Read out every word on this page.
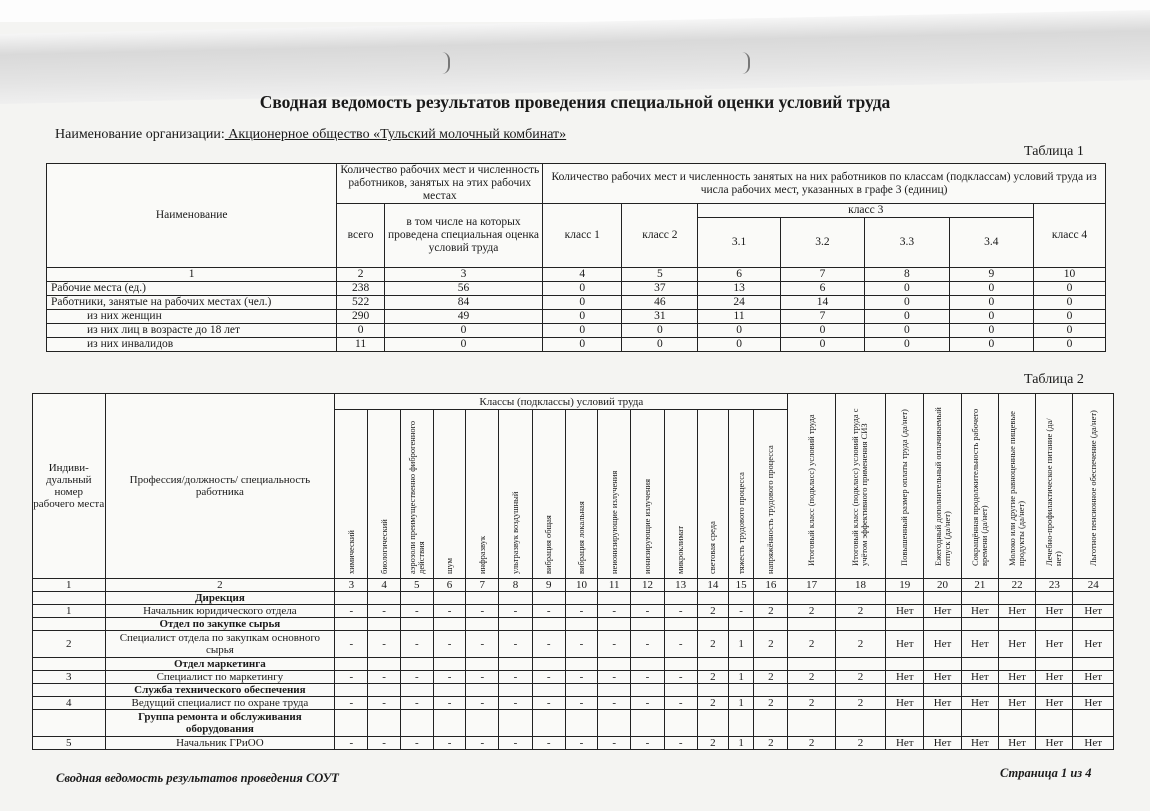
Сводная ведомость результатов проведения специальной оценки условий труда
Наименование организации: Акционерное общество «Тульский молочный комбинат»
Таблица 1
Наименование	Количество рабочих мест и численность работников, занятых на этих рабочих местах		Количество рабочих мест и численность занятых на них работников по классам (подклассам) условий труда из числа рабочих мест, указанных в графе 3 (единиц)						
	всего	в том числе на которых проведена специальная оценка условий труда	класс 1	класс 2	класс 3				класс 4
					3.1	3.2	3.3	3.4	
1	2	3	4	5	6	7	8	9	10
Рабочие места (ед.)	238	56	0	37	13	6	0	0	0
Работники, занятые на рабочих местах (чел.)	522	84	0	46	24	14	0	0	0
из них женщин	290	49	0	31	11	7	0	0	0
из них лиц в возрасте до 18 лет	0	0	0	0	0	0	0	0	0
из них инвалидов	11	0	0	0	0	0	0	0	0
Таблица 2
Индиви-дуальный номер рабочего места	Профессия/должность/ специальность работника	Классы (подклассы) условий труда														Итоговый класс (подкласс) условий труда	Итоговый класс (подкласс) условий труда с учётом эффективного применения СИЗ	Повышенный размер оплаты труда (да/нет)	Ежегодный дополнительный оплачиваемый отпуск (да/нет)	Сокращённая продолжительность рабочего времени (да/нет)	Молоко или другие равноценные пищевые продукты (да/нет)	Лечебно-профилактическое питание (да/нет)	Льготное пенсионное обеспечение (да/нет)

		химический	биологический	аэрозоли преимущественно фиброгенного действия	шум	инфразвук	ультразвук воздушный	вибрация общая	вибрация локальная	неионизирующие излучения	ионизирующие излучения	микроклимат	световая среда	тяжесть трудового процесса	напряжённость трудового процесса								

1	2	3	4	5	6	7	8	9	10	11	12	13	14	15	16	17	18	19	20	21	22	23	24
	Дирекция																						
1	Начальник юридического отдела	-	-	-	-	-	-	-	-	-	-	-	2	-	2	2	2	Нет	Нет	Нет	Нет	Нет	Нет
	Отдел по закупке сырья																						
2	Специалист отдела по закупкам основного сырья	-	-	-	-	-	-	-	-	-	-	-	2	1	2	2	2	Нет	Нет	Нет	Нет	Нет	Нет
	Отдел маркетинга																						
3	Специалист по маркетингу	-	-	-	-	-	-	-	-	-	-	-	2	1	2	2	2	Нет	Нет	Нет	Нет	Нет	Нет
	Служба технического обеспечения																						
4	Ведущий специалист по охране труда	-	-	-	-	-	-	-	-	-	-	-	2	1	2	2	2	Нет	Нет	Нет	Нет	Нет	Нет
	Группа ремонта и обслуживания оборудования																						
5	Начальник ГРиОО	-	-	-	-	-	-	-	-	-	-	-	2	1	2	2	2	Нет	Нет	Нет	Нет	Нет	Нет
Сводная ведомость результатов проведения СОУТ	Страница 1 из 4
